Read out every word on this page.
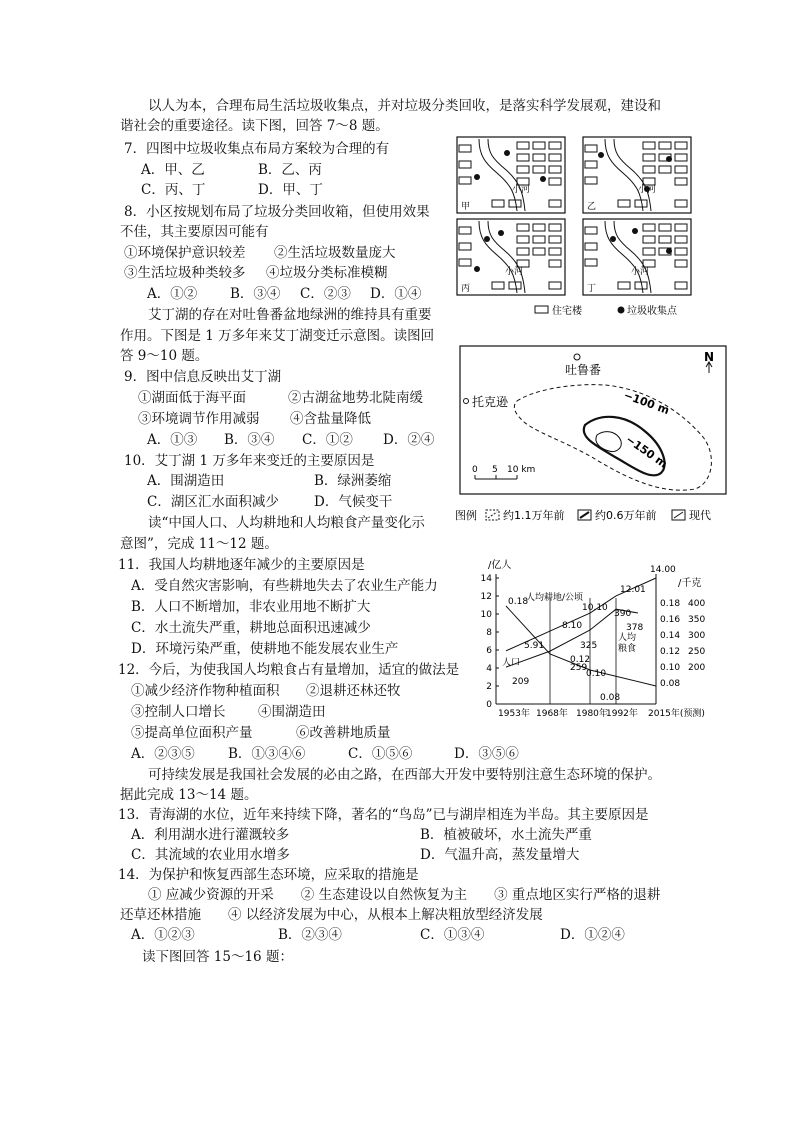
以人为本，合理布局生活垃圾收集点，并对垃圾分类回收，是落实科学发展观，建设和
谐社会的重要途径。读下图，回答 7～8 题。
7．四图中垃圾收集点布局方案较为合理的有
A．甲、乙	B．乙、丙
C．丙、丁	D．甲、丁
8．小区按规划布局了垃圾分类回收箱，但使用效果
不佳，其主要原因可能有
①环境保护意识较差 ②生活垃圾数量庞大
③生活垃圾种类较多 ④垃圾分类标准模糊
A．①② B．③④ C．②③ D．①④
艾丁湖的存在对吐鲁番盆地绿洲的维持具有重要
作用。下图是 1 万多年来艾丁湖变迁示意图。读图回
答 9～10 题。
9．图中信息反映出艾丁湖
①湖面低于海平面	②古湖盆地势北陡南缓
③环境调节作用减弱 ④含盐量降低
A．①③ B．③④ C．①② D．②④
10．艾丁湖 1 万多年来变迁的主要原因是
A．围湖造田	B．绿洲萎缩
C．湖区汇水面积减少	D．气候变干
读“中国人口、人均耕地和人均粮食产量变化示
意图”，完成 11～12 题。
11．我国人均耕地逐年减少的主要原因是
A．受自然灾害影响，有些耕地失去了农业生产能力
B．人口不断增加，非农业用地不断扩大
C．水土流失严重，耕地总面积迅速减少
D．环境污染严重，使耕地不能发展农业生产
12．今后，为使我国人均粮食占有量增加，适宜的做法是
①减少经济作物种植面积 ②退耕还林还牧
③控制人口增长 ④围湖造田
⑤提高单位面积产量	⑥改善耕地质量
A．②③⑤ B．①③④⑥	C．①⑤⑥	D．③⑤⑥
可持续发展是我国社会发展的必由之路，在西部大开发中要特别注意生态环境的保护。
据此完成 13～14 题。
13．青海湖的水位，近年来持续下降，著名的“鸟岛”已与湖岸相连为半岛。其主要原因是
A．利用湖水进行灌溉较多	B．植被破坏，水土流失严重
C．其流域的农业用水增多	D．气温升高，蒸发量增大
14．为保护和恢复西部生态环境，应采取的措施是
① 应减少资源的开采　　② 生态建设以自然恢复为主　　③ 重点地区实行严格的退耕
还草还林措施　　④ 以经济发展为中心，从根本上解决粗放型经济发展
A．①②③	B．②③④	C．①③④	D．①②④
读下图回答 15～16 题：
小河
甲
小河
乙
小河
丙
小河
丁
住宅楼	垃圾收集点
吐鲁番
托克逊
N
−100 m
−150 m
0 5 10 km
图例 约1.1万年前	约0.6万年前	现代
/亿人
/千克
14
12
10
8
6
4
2
0
0.18
0.16
0.14
0.12
0.10
0.08
400
350
300
250
200
1953年 1968年 1980年
1992年 2015年(预测)
5.91
8.10
10.10
12.01
14.00
0.18
0.12
0.10
0.08
209
259
325
390
378
人均耕地/公顷
人口
人均
粮食
